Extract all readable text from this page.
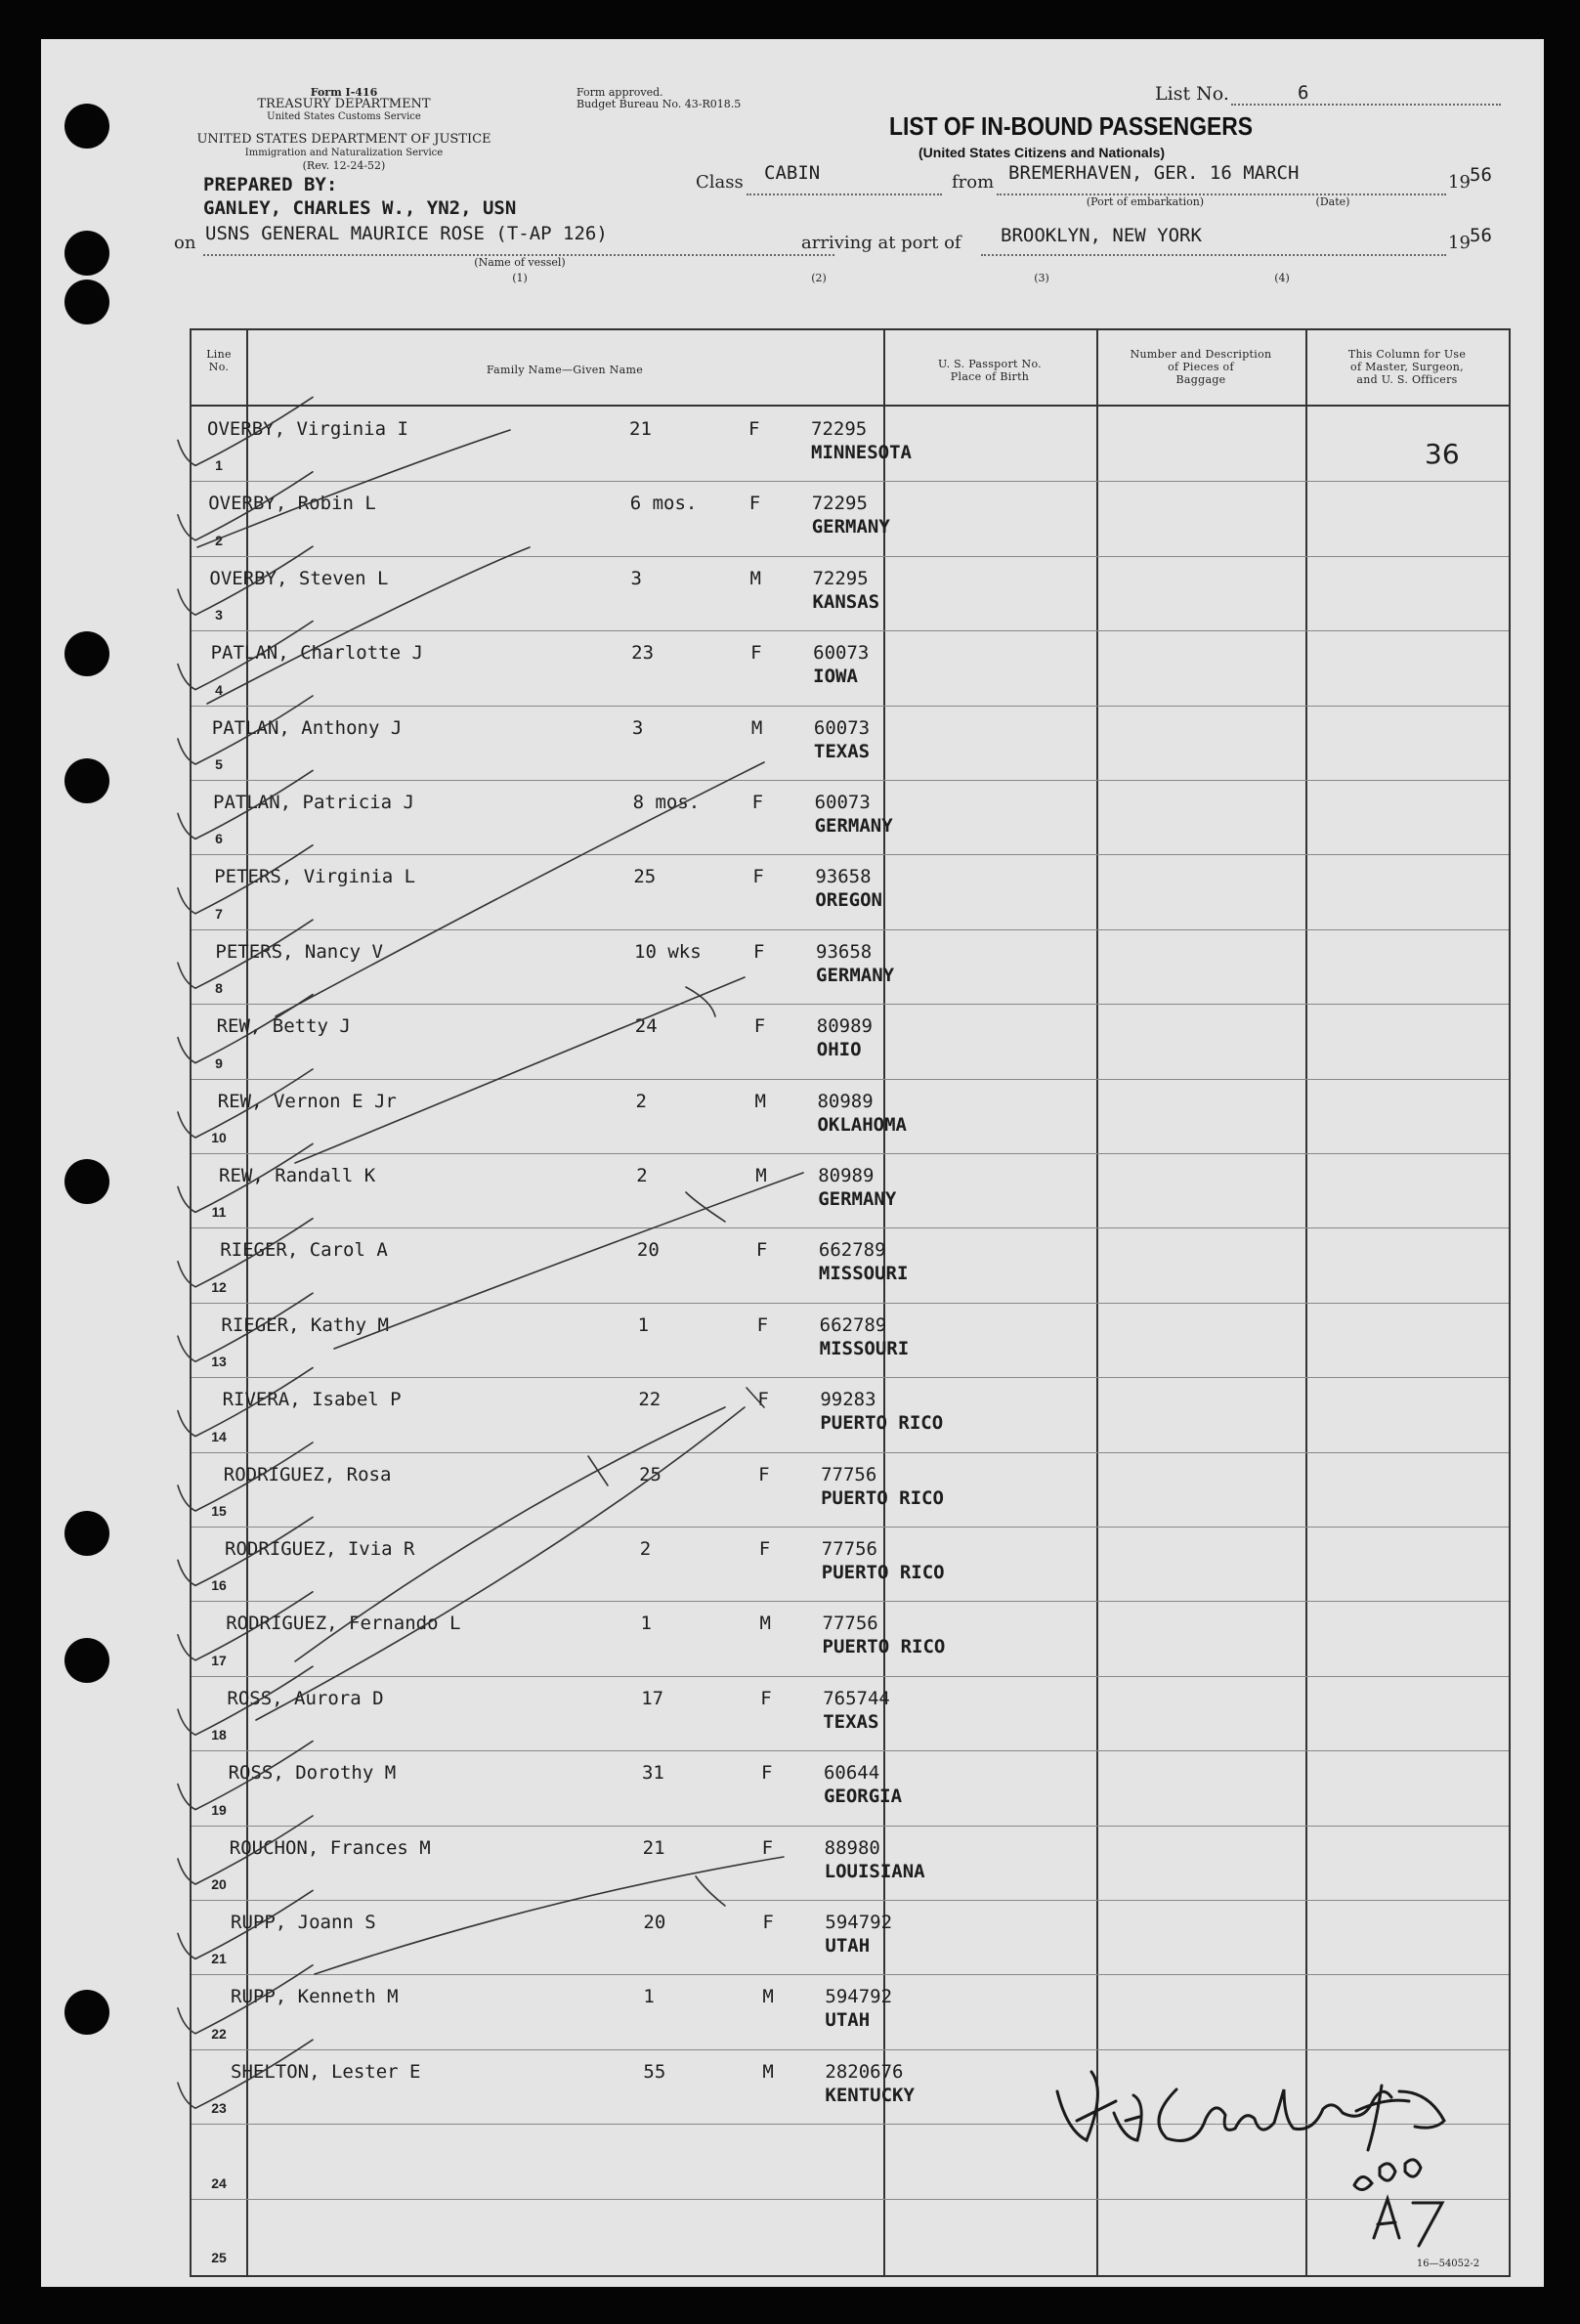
Form I-416
TREASURY DEPARTMENT
United States Customs Service
UNITED STATES DEPARTMENT OF JUSTICE
Immigration and Naturalization Service
(Rev. 12-24-52)
Form approved.
Budget Bureau No. 43-R018.5	List No.	6
LIST OF IN-BOUND PASSENGERS
(United States Citizens and Nationals)
PREPARED BY:
GANLEY, CHARLES W., YN2, USN
Class CABIN	from BREMERHAVEN, GER. 16 MARCH	19 56
(Port of embarkation)	(Date)
on USNS GENERAL MAURICE ROSE (T-AP 126)
(Name of vessel)
arriving at port of BROOKLYN, NEW YORK	19 56
(1)	(2)	(3)	(4)
Line No.	Family Name—Given Name	U. S. Passport No.
Place of Birth
Number and Description
of Pieces of
Baggage
This Column for Use
of Master, Surgeon,
and U. S. Officers
1
OVERBY, Virginia I	21	F	72295
MINNESOTA
2
OVERBY, Robin L	6 mos.	F	72295
GERMANY
3
OVERBY, Steven L	3	M	72295
KANSAS
4
PATLAN, Charlotte J	23	F	60073
IOWA
5
PATLAN, Anthony J	3	M	60073
TEXAS
6
PATLAN, Patricia J	8 mos.	F	60073
GERMANY
7
PETERS, Virginia L	25	F	93658
OREGON
8
PETERS, Nancy V	10 wks	F	93658
GERMANY
9
REW, Betty J	24	F	80989
OHIO
10
REW, Vernon E Jr	2	M	80989
OKLAHOMA
11
REW, Randall K	2	M	80989
GERMANY
12
RIEGER, Carol A	20	F	662789
MISSOURI
13
RIEGER, Kathy M	1	F	662789
MISSOURI
14
RIVERA, Isabel P	22	F	99283
PUERTO RICO
15
RODRIGUEZ, Rosa	25	F	77756
PUERTO RICO
16
RODRIGUEZ, Ivia R	2	F	77756
PUERTO RICO
17
RODRIGUEZ, Fernando L	1	M	77756
PUERTO RICO
18
ROSS, Aurora D	17	F	765744
TEXAS
19
ROSS, Dorothy M	31	F	60644
GEORGIA
20
ROUCHON, Frances M	21	F	88980
LOUISIANA
21
RUPP, Joann S	20	F	594792
UTAH
22
RUPP, Kenneth M	1	M	594792
UTAH
23
SHELTON, Lester E	55	M	2820676
KENTUCKY
24
25
36
16—54052-2
